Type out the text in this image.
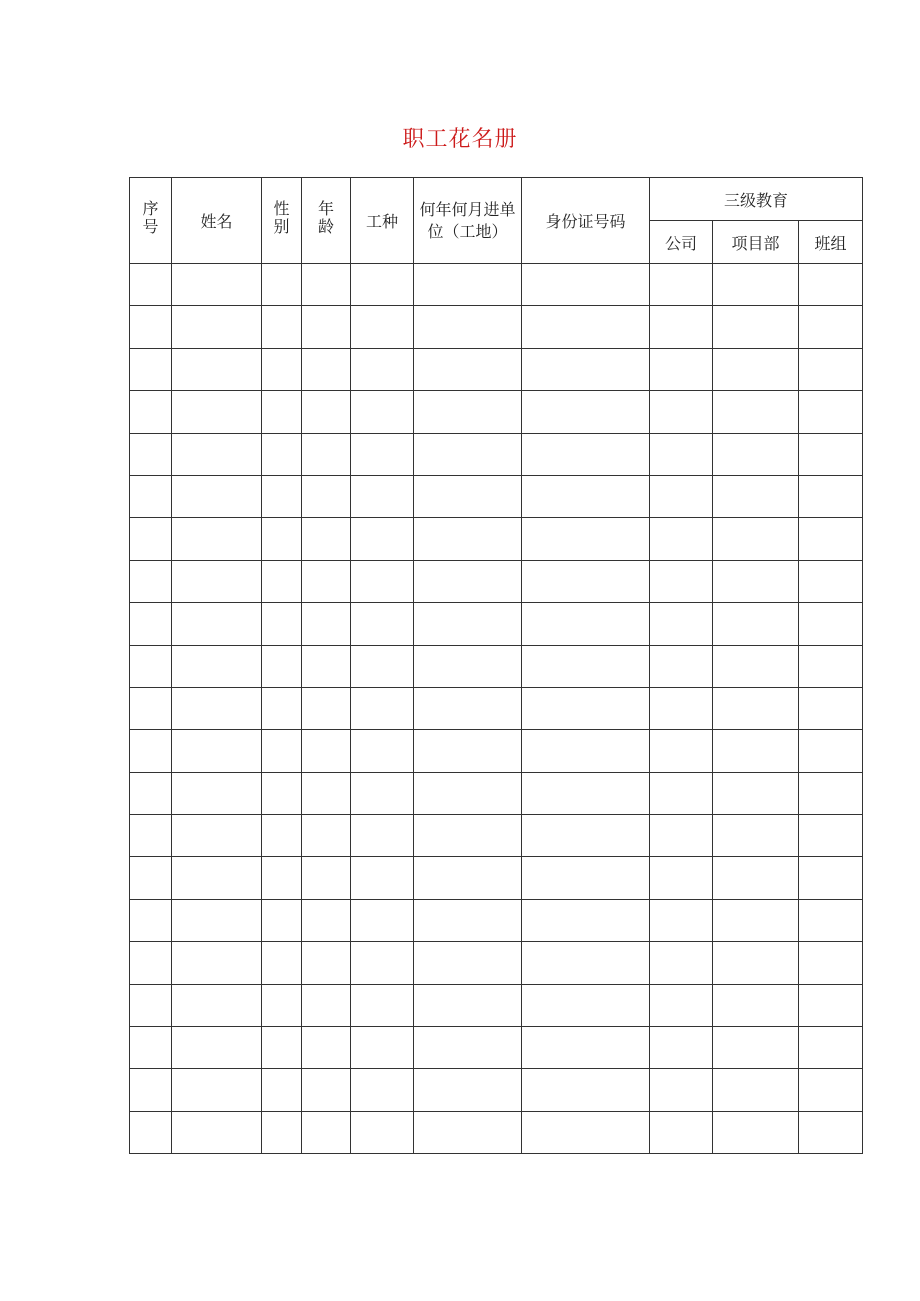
职工花名册
序号	姓名	性别	年龄	工种	何年何月进单位（工地）	身份证号码	三级教育		
							公司	项目部	班组
